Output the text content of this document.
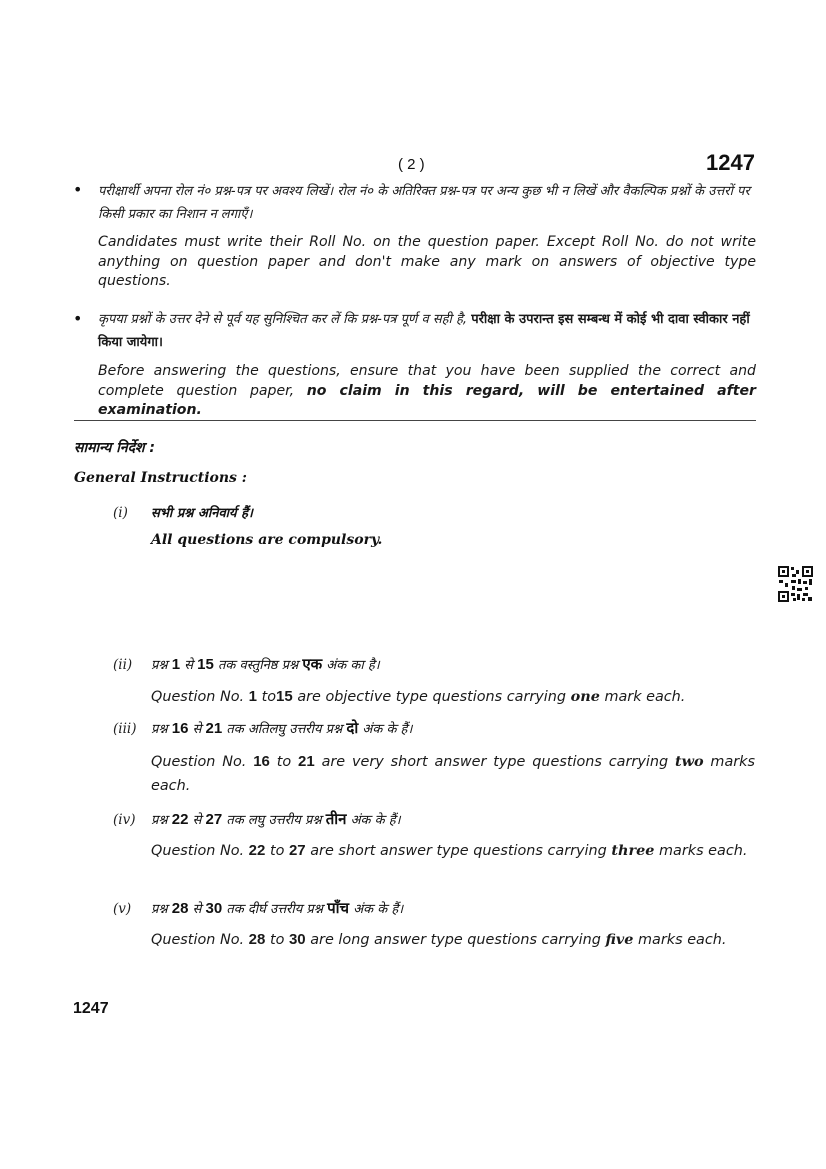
( 2 )	1247
• परीक्षार्थी अपना रोल नं० प्रश्न-पत्र पर अवश्य लिखें। रोल नं० के अतिरिक्त प्रश्न-पत्र पर अन्य कुछ भी न लिखें और वैकल्पिक प्रश्नों के उत्तरों पर किसी प्रकार का निशान न लगाएँ।
Candidates must write their Roll No. on the question paper. Except Roll No. do not write anything on question paper and don't make any mark on answers of objective type questions.
• कृपया प्रश्नों के उत्तर देने से पूर्व यह सुनिश्चित कर लें कि प्रश्न-पत्र पूर्ण व सही है, परीक्षा के उपरान्त इस सम्बन्ध में कोई भी दावा स्वीकार नहीं किया जायेगा।
Before answering the questions, ensure that you have been supplied the correct and complete question paper, no claim in this regard, will be entertained after examination.
सामान्य निर्देश :
General Instructions :
(i) सभी प्रश्न अनिवार्य हैं।
All questions are compulsory.
(ii) प्रश्न 1 से 15 तक वस्तुनिष्ठ प्रश्न एक अंक का है।
Question No. 1 to15 are objective type questions carrying one mark each.
(iii) प्रश्न 16 से 21 तक अतिलघु उत्तरीय प्रश्न दो अंक के हैं।
Question No. 16 to 21 are very short answer type questions carrying two marks each.
(iv) प्रश्न 22 से 27 तक लघु उत्तरीय प्रश्न तीन अंक के हैं।
Question No. 22 to 27 are short answer type questions carrying three marks each.
(v) प्रश्न 28 से 30 तक दीर्घ उत्तरीय प्रश्न पाँच अंक के हैं।
Question No. 28 to 30 are long answer type questions carrying five marks each.
1247
